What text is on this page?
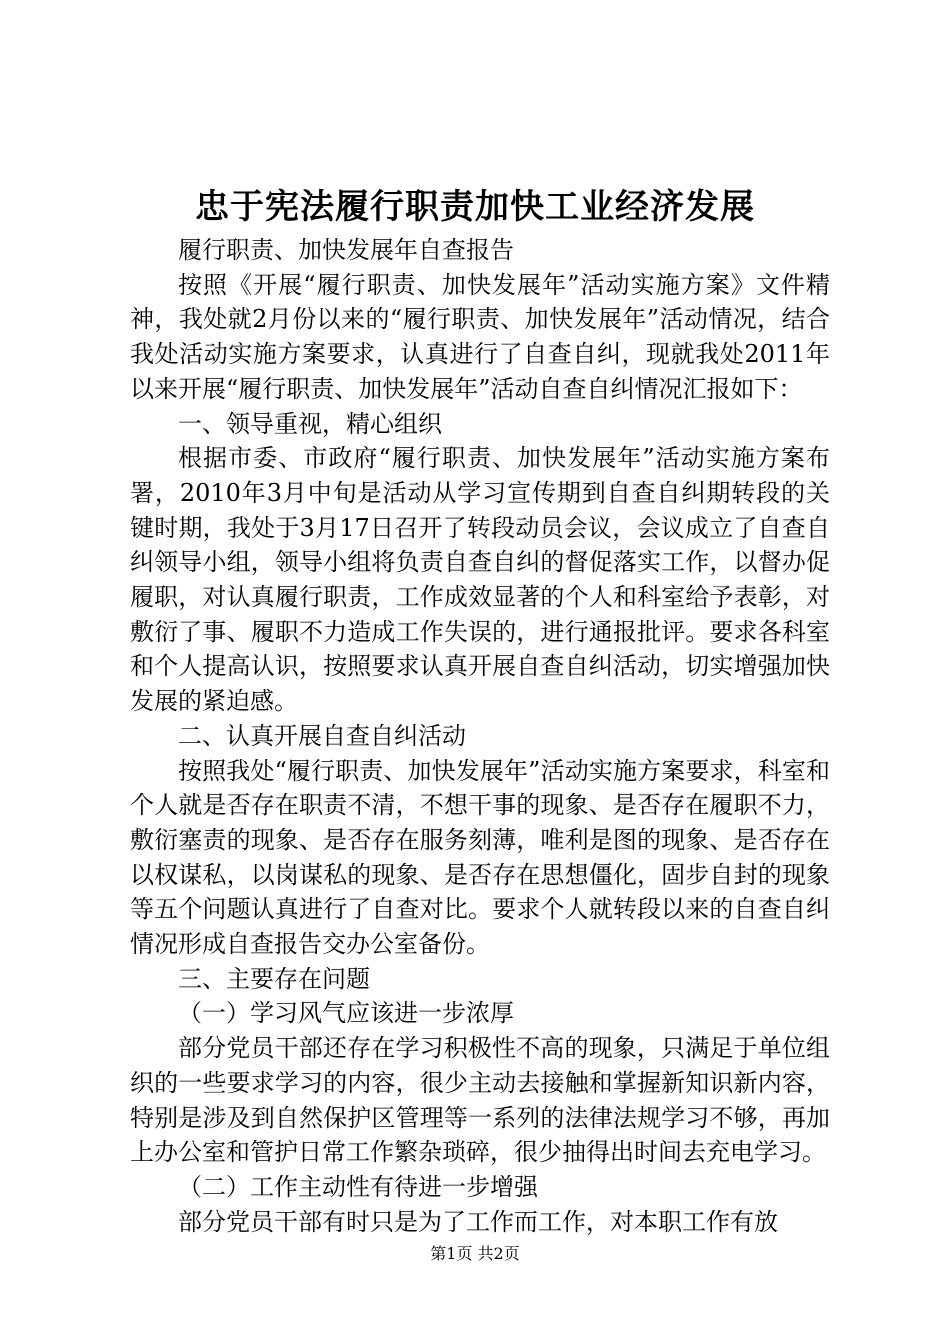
忠于宪法履行职责加快工业经济发展

履行职责、加快发展年自查报告

按照《开展“履行职责、加快发展年”活动实施方案》文件精神，我处就2月份以来的“履行职责、加快发展年”活动情况，结合我处活动实施方案要求，认真进行了自查自纠，现就我处2011年以来开展“履行职责、加快发展年”活动自查自纠情况汇报如下：

一、领导重视，精心组织

根据市委、市政府“履行职责、加快发展年”活动实施方案布署，2010年3月中旬是活动从学习宣传期到自查自纠期转段的关键时期，我处于3月17日召开了转段动员会议，会议成立了自查自纠领导小组，领导小组将负责自查自纠的督促落实工作，以督办促履职，对认真履行职责，工作成效显著的个人和科室给予表彰，对敷衍了事、履职不力造成工作失误的，进行通报批评。要求各科室和个人提高认识，按照要求认真开展自查自纠活动，切实增强加快发展的紧迫感。

二、认真开展自查自纠活动

按照我处“履行职责、加快发展年”活动实施方案要求，科室和个人就是否存在职责不清，不想干事的现象、是否存在履职不力，敷衍塞责的现象、是否存在服务刻薄，唯利是图的现象、是否存在以权谋私，以岗谋私的现象、是否存在思想僵化，固步自封的现象等五个问题认真进行了自查对比。要求个人就转段以来的自查自纠情况形成自查报告交办公室备份。

三、主要存在问题

（一）学习风气应该进一步浓厚

部分党员干部还存在学习积极性不高的现象，只满足于单位组织的一些要求学习的内容，很少主动去接触和掌握新知识新内容，特别是涉及到自然保护区管理等一系列的法律法规学习不够，再加上办公室和管护日常工作繁杂琐碎，很少抽得出时间去充电学习。

（二）工作主动性有待进一步增强

部分党员干部有时只是为了工作而工作，对本职工作有放

第1页 共2页
